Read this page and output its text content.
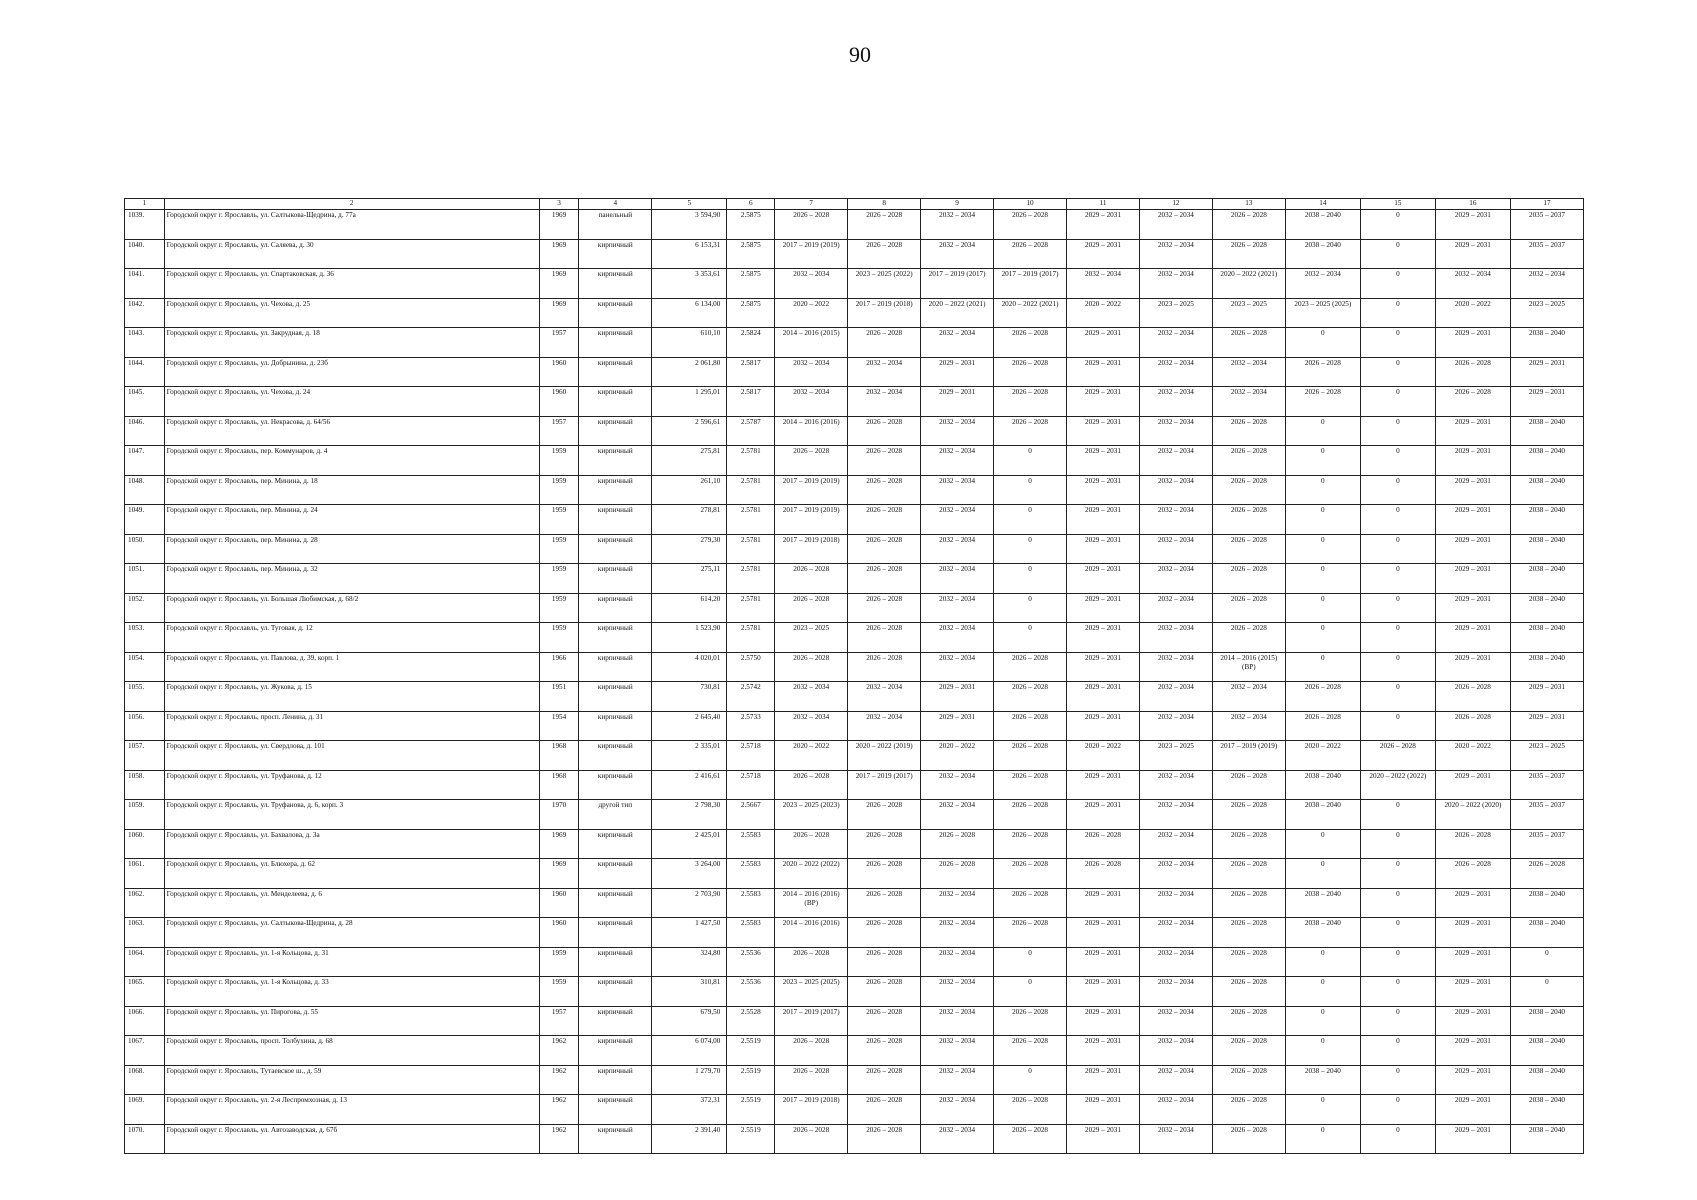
90
1	2	3	4	5	6	7	8	9	10	11	12	13	14	15	16	17
1039.	Городской округ г. Ярославль, ул. Салтыкова-Щедрина, д. 77а	1969	панельный	3 594,90	2.5875	2026 – 2028	2026 – 2028	2032 – 2034	2026 – 2028	2029 – 2031	2032 – 2034	2026 – 2028	2038 – 2040	0	2029 – 2031	2035 – 2037
1040.	Городской округ г. Ярославль, ул. Саляева, д. 30	1969	кирпичный	6 153,31	2.5875	2017 – 2019 (2019)	2026 – 2028	2032 – 2034	2026 – 2028	2029 – 2031	2032 – 2034	2026 – 2028	2038 – 2040	0	2029 – 2031	2035 – 2037
1041.	Городской округ г. Ярославль, ул. Спартаковская, д. 36	1969	кирпичный	3 353,61	2.5875	2032 – 2034	2023 – 2025 (2022)	2017 – 2019 (2017)	2017 – 2019 (2017)	2032 – 2034	2032 – 2034	2020 – 2022 (2021)	2032 – 2034	0	2032 – 2034	2032 – 2034
1042.	Городской округ г. Ярославль, ул. Чехова, д. 25	1969	кирпичный	6 134,00	2.5875	2020 – 2022	2017 – 2019 (2018)	2020 – 2022 (2021)	2020 – 2022 (2021)	2020 – 2022	2023 – 2025	2023 – 2025	2023 – 2025 (2025)	0	2020 – 2022	2023 – 2025
1043.	Городской округ г. Ярославль, ул. Закрудная, д. 18	1957	кирпичный	610,10	2.5824	2014 – 2016 (2015)	2026 – 2028	2032 – 2034	2026 – 2028	2029 – 2031	2032 – 2034	2026 – 2028	0	0	2029 – 2031	2038 – 2040
1044.	Городской округ г. Ярославль, ул. Добрынина, д. 23б	1960	кирпичный	2 061,80	2.5817	2032 – 2034	2032 – 2034	2029 – 2031	2026 – 2028	2029 – 2031	2032 – 2034	2032 – 2034	2026 – 2028	0	2026 – 2028	2029 – 2031
1045.	Городской округ г. Ярославль, ул. Чехова, д. 24	1960	кирпичный	1 295,01	2.5817	2032 – 2034	2032 – 2034	2029 – 2031	2026 – 2028	2029 – 2031	2032 – 2034	2032 – 2034	2026 – 2028	0	2026 – 2028	2029 – 2031
1046.	Городской округ г. Ярославль, ул. Некрасова, д. 64/56	1957	кирпичный	2 596,61	2.5787	2014 – 2016 (2016)	2026 – 2028	2032 – 2034	2026 – 2028	2029 – 2031	2032 – 2034	2026 – 2028	0	0	2029 – 2031	2038 – 2040
1047.	Городской округ г. Ярославль, пер. Коммунаров, д. 4	1959	кирпичный	275,81	2.5781	2026 – 2028	2026 – 2028	2032 – 2034	0	2029 – 2031	2032 – 2034	2026 – 2028	0	0	2029 – 2031	2038 – 2040
1048.	Городской округ г. Ярославль, пер. Минина, д. 18	1959	кирпичный	261,10	2.5781	2017 – 2019 (2019)	2026 – 2028	2032 – 2034	0	2029 – 2031	2032 – 2034	2026 – 2028	0	0	2029 – 2031	2038 – 2040
1049.	Городской округ г. Ярославль, пер. Минина, д. 24	1959	кирпичный	278,81	2.5781	2017 – 2019 (2019)	2026 – 2028	2032 – 2034	0	2029 – 2031	2032 – 2034	2026 – 2028	0	0	2029 – 2031	2038 – 2040
1050.	Городской округ г. Ярославль, пер. Минина, д. 28	1959	кирпичный	279,30	2.5781	2017 – 2019 (2018)	2026 – 2028	2032 – 2034	0	2029 – 2031	2032 – 2034	2026 – 2028	0	0	2029 – 2031	2038 – 2040
1051.	Городской округ г. Ярославль, пер. Минина, д. 32	1959	кирпичный	275,11	2.5781	2026 – 2028	2026 – 2028	2032 – 2034	0	2029 – 2031	2032 – 2034	2026 – 2028	0	0	2029 – 2031	2038 – 2040
1052.	Городской округ г. Ярославль, ул. Большая Любимская, д. 68/2	1959	кирпичный	614,20	2.5781	2026 – 2028	2026 – 2028	2032 – 2034	0	2029 – 2031	2032 – 2034	2026 – 2028	0	0	2029 – 2031	2038 – 2040
1053.	Городской округ г. Ярославль, ул. Туговая, д. 12	1959	кирпичный	1 523,90	2.5781	2023 – 2025	2026 – 2028	2032 – 2034	0	2029 – 2031	2032 – 2034	2026 – 2028	0	0	2029 – 2031	2038 – 2040
1054.	Городской округ г. Ярославль, ул. Павлова, д. 39, корп. 1	1966	кирпичный	4 020,01	2.5750	2026 – 2028	2026 – 2028	2032 – 2034	2026 – 2028	2029 – 2031	2032 – 2034	2014 – 2016 (2015) (ВР)	0	0	2029 – 2031	2038 – 2040
1055.	Городской округ г. Ярославль, ул. Жукова, д. 15	1951	кирпичный	730,81	2.5742	2032 – 2034	2032 – 2034	2029 – 2031	2026 – 2028	2029 – 2031	2032 – 2034	2032 – 2034	2026 – 2028	0	2026 – 2028	2029 – 2031
1056.	Городской округ г. Ярославль, просп. Ленина, д. 31	1954	кирпичный	2 645,40	2.5733	2032 – 2034	2032 – 2034	2029 – 2031	2026 – 2028	2029 – 2031	2032 – 2034	2032 – 2034	2026 – 2028	0	2026 – 2028	2029 – 2031
1057.	Городской округ г. Ярославль, ул. Свердлова, д. 101	1968	кирпичный	2 335,01	2.5718	2020 – 2022	2020 – 2022 (2019)	2020 – 2022	2026 – 2028	2020 – 2022	2023 – 2025	2017 – 2019 (2019)	2020 – 2022	2026 – 2028	2020 – 2022	2023 – 2025
1058.	Городской округ г. Ярославль, ул. Труфанова, д. 12	1968	кирпичный	2 416,61	2.5718	2026 – 2028	2017 – 2019 (2017)	2032 – 2034	2026 – 2028	2029 – 2031	2032 – 2034	2026 – 2028	2038 – 2040	2020 – 2022 (2022)	2029 – 2031	2035 – 2037
1059.	Городской округ г. Ярославль, ул. Труфанова, д. 6, корп. 3	1970	другой тип	2 798,30	2.5667	2023 – 2025 (2023)	2026 – 2028	2032 – 2034	2026 – 2028	2029 – 2031	2032 – 2034	2026 – 2028	2038 – 2040	0	2020 – 2022 (2020)	2035 – 2037
1060.	Городской округ г. Ярославль, ул. Бахвалова, д. 3а	1969	кирпичный	2 425,01	2.5583	2026 – 2028	2026 – 2028	2026 – 2028	2026 – 2028	2026 – 2028	2032 – 2034	2026 – 2028	0	0	2026 – 2028	2035 – 2037
1061.	Городской округ г. Ярославль, ул. Блюхера, д. 62	1969	кирпичный	3 264,00	2.5583	2020 – 2022 (2022)	2026 – 2028	2026 – 2028	2026 – 2028	2026 – 2028	2032 – 2034	2026 – 2028	0	0	2026 – 2028	2026 – 2028
1062.	Городской округ г. Ярославль, ул. Менделеева, д. 6	1960	кирпичный	2 703,90	2.5583	2014 – 2016 (2016) (ВР)	2026 – 2028	2032 – 2034	2026 – 2028	2029 – 2031	2032 – 2034	2026 – 2028	2038 – 2040	0	2029 – 2031	2038 – 2040
1063.	Городской округ г. Ярославль, ул. Салтыкова-Щедрина, д. 28	1960	кирпичный	1 427,50	2.5583	2014 – 2016 (2016)	2026 – 2028	2032 – 2034	2026 – 2028	2029 – 2031	2032 – 2034	2026 – 2028	2038 – 2040	0	2029 – 2031	2038 – 2040
1064.	Городской округ г. Ярославль, ул. 1-я Кольцова, д. 31	1959	кирпичный	324,80	2.5536	2026 – 2028	2026 – 2028	2032 – 2034	0	2029 – 2031	2032 – 2034	2026 – 2028	0	0	2029 – 2031	0
1065.	Городской округ г. Ярославль, ул. 1-я Кольцова, д. 33	1959	кирпичный	310,81	2.5536	2023 – 2025 (2025)	2026 – 2028	2032 – 2034	0	2029 – 2031	2032 – 2034	2026 – 2028	0	0	2029 – 2031	0
1066.	Городской округ г. Ярославль, ул. Пирогова, д. 55	1957	кирпичный	679,50	2.5528	2017 – 2019 (2017)	2026 – 2028	2032 – 2034	2026 – 2028	2029 – 2031	2032 – 2034	2026 – 2028	0	0	2029 – 2031	2038 – 2040
1067.	Городской округ г. Ярославль, просп. Толбухина, д. 68	1962	кирпичный	6 074,00	2.5519	2026 – 2028	2026 – 2028	2032 – 2034	2026 – 2028	2029 – 2031	2032 – 2034	2026 – 2028	0	0	2029 – 2031	2038 – 2040
1068.	Городской округ г. Ярославль, Тутаевское ш., д. 59	1962	кирпичный	1 279,70	2.5519	2026 – 2028	2026 – 2028	2032 – 2034	0	2029 – 2031	2032 – 2034	2026 – 2028	2038 – 2040	0	2029 – 2031	2038 – 2040
1069.	Городской округ г. Ярославль, ул. 2-я Леспромхозная, д. 13	1962	кирпичный	372,31	2.5519	2017 – 2019 (2018)	2026 – 2028	2032 – 2034	2026 – 2028	2029 – 2031	2032 – 2034	2026 – 2028	0	0	2029 – 2031	2038 – 2040
1070.	Городской округ г. Ярославль, ул. Автозаводская, д. 67б	1962	кирпичный	2 391,40	2.5519	2026 – 2028	2026 – 2028	2032 – 2034	2026 – 2028	2029 – 2031	2032 – 2034	2026 – 2028	0	0	2029 – 2031	2038 – 2040
